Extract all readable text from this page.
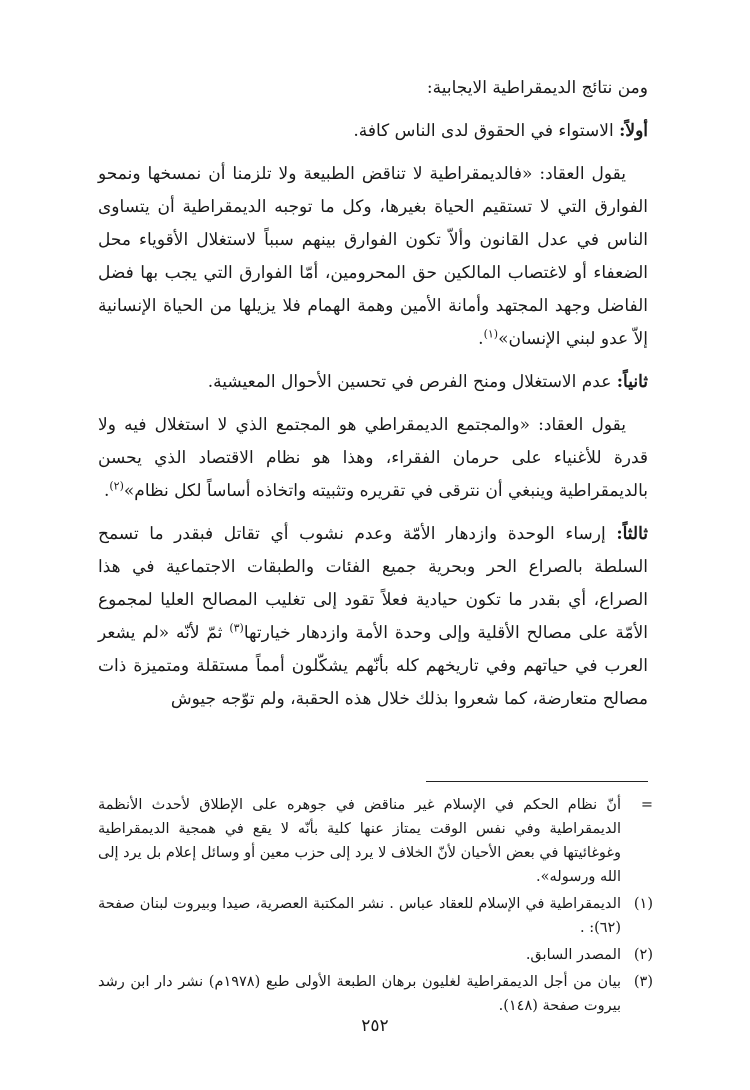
ومن نتائج الديمقراطية الايجابية:

أولاً: الاستواء في الحقوق لدى الناس كافة.

يقول العقاد: «فالديمقراطية لا تناقض الطبيعة ولا تلزمنا أن نمسخها ونمحو الفوارق التي لا تستقيم الحياة بغيرها، وكل ما توجبه الديمقراطية أن يتساوى الناس في عدل القانون وألاّ تكون الفوارق بينهم سبباً لاستغلال الأقوياء محل الضعفاء أو لاغتصاب المالكين حق المحرومين، أمّا الفوارق التي يجب بها فضل الفاضل وجهد المجتهد وأمانة الأمين وهمة الهمام فلا يزيلها من الحياة الإنسانية إلاّ عدو لبني الإنسان»$^{(١)}$.

ثانياً: عدم الاستغلال ومنح الفرص في تحسين الأحوال المعيشية.

يقول العقاد: «والمجتمع الديمقراطي هو المجتمع الذي لا استغلال فيه ولا قدرة للأغنياء على حرمان الفقراء، وهذا هو نظام الاقتصاد الذي يحسن بالديمقراطية وينبغي أن نترقى في تقريره وتثبيته واتخاذه أساساً لكل نظام»$^{(٢)}$.

ثالثاً: إرساء الوحدة وازدهار الأمّة وعدم نشوب أي تقاتل فبقدر ما تسمح السلطة بالصراع الحر وبحرية جميع الفئات والطبقات الاجتماعية في هذا الصراع، أي بقدر ما تكون حيادية فعلاً تقود إلى تغليب المصالح العليا لمجموع الأمّة على مصالح الأقلية وإلى وحدة الأمة وازدهار خيارتها$^{(٣)}$ ثمّ لأنّه «لم يشعر العرب في حياتهم وفي تاريخهم كله بأنّهم يشكّلون أمماً مستقلة ومتميزة ذات مصالح متعارضة، كما شعروا بذلك خلال هذه الحقبة، ولم توّجه جيوش

=
أنّ نظام الحكم في الإسلام غير مناقض في جوهره على الإطلاق لأحدث الأنظمة الديمقراطية وفي نفس الوقت يمتاز عنها كلية بأنّه لا يقع في همجية الديمقراطية وغوغائيتها في بعض الأحيان لأنّ الخلاف لا يرد إلى حزب معين أو وسائل إعلام بل يرد إلى الله ورسوله».
(١)
الديمقراطية في الإسلام للعقاد عباس . نشر المكتبة العصرية، صيدا وبيروت لبنان صفحة (٦٢): .
(٢)
المصدر السابق.
(٣)
بيان من أجل الديمقراطية لغليون برهان الطبعة الأولى طبع (١٩٧٨م) نشر دار ابن رشد بيروت صفحة (١٤٨).
٢٥٢
